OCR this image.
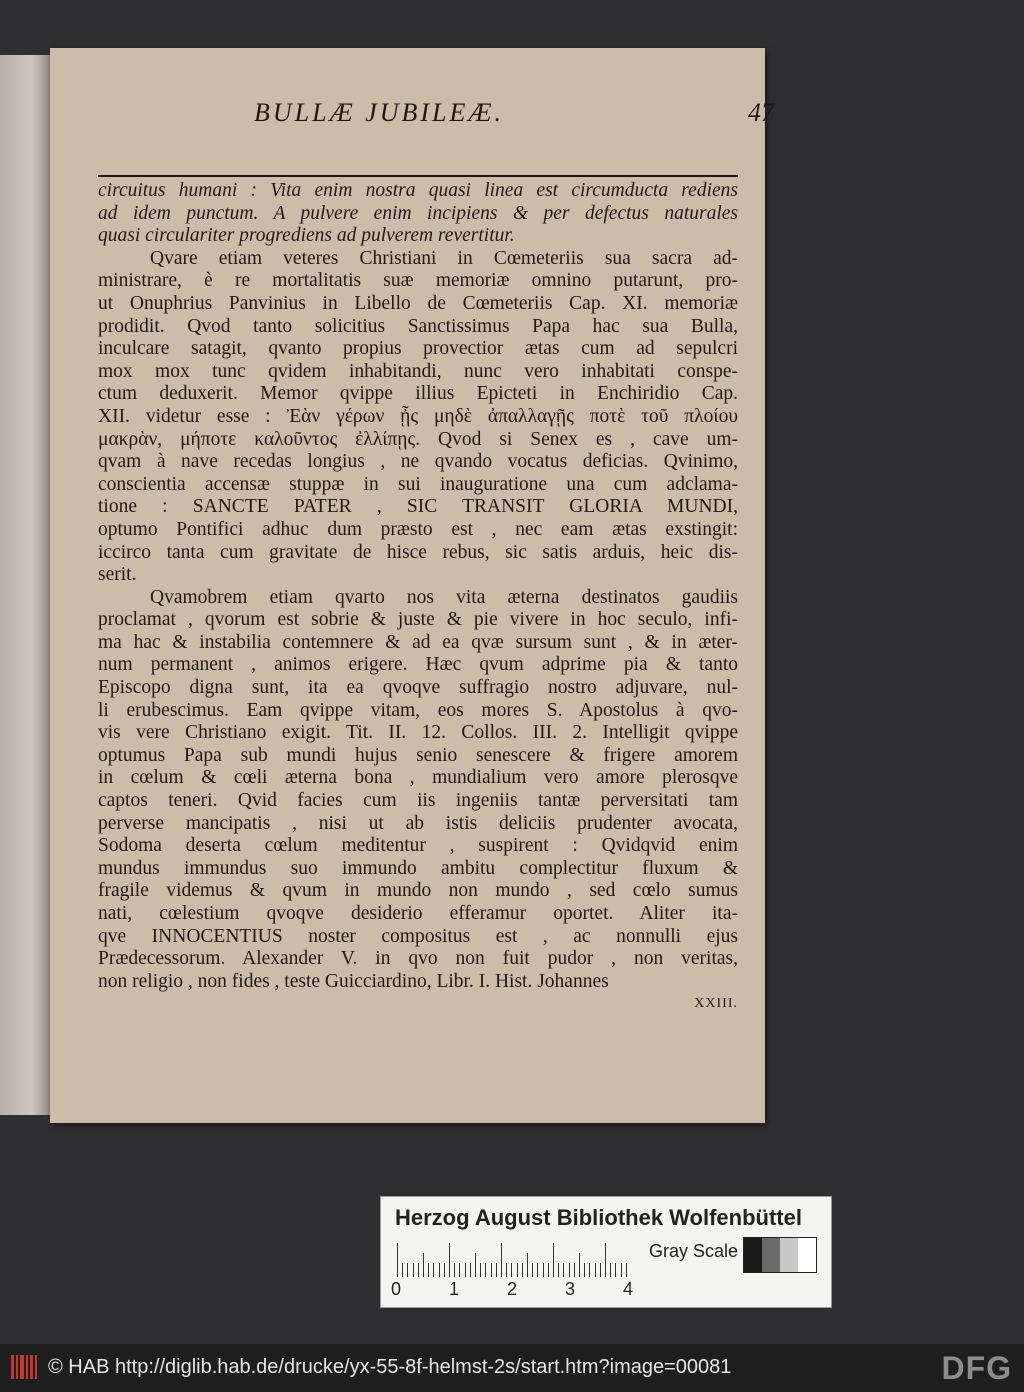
BULLÆ JUBILEÆ.	47
circuitus humani : Vita enim nostra quasi linea est circumducta rediens
ad idem punctum. A pulvere enim incipiens & per defectus naturales
quasi circulariter progrediens ad pulverem revertitur.
Qvare etiam veteres Christiani in Cœmeteriis sua sacra ad-
ministrare, è re mortalitatis suæ memoriæ omnino putarunt, pro-
ut Onuphrius Panvinius in Libello de Cœmeteriis Cap. XI. memoriæ
prodidit. Qvod tanto solicitius Sanctissimus Papa hac sua Bulla,
inculcare satagit, qvanto propius provectior ætas cum ad sepulcri
mox mox tunc qvidem inhabitandi, nunc vero inhabitati conspe-
ctum deduxerit. Memor qvippe illius Epicteti in Enchiridio Cap.
XII. videtur esse : Ἐὰν γέρων ᾖς μηδὲ ἀπαλλαγῇς ποτὲ τοῦ πλοίου
μακρὰν, μήποτε καλοῦντος ἐλλίπῃς. Qvod si Senex es , cave um-
qvam à nave recedas longius , ne qvando vocatus deficias. Qvinimo,
conscientia accensæ stuppæ in sui inauguratione una cum adclama-
tione : SANCTE PATER , SIC TRANSIT GLORIA MUNDI,
optumo Pontifici adhuc dum præsto est , nec eam ætas exstingit:
iccirco tanta cum gravitate de hisce rebus, sic satis arduis, heic dis-
serit.
Qvamobrem etiam qvarto nos vita æterna destinatos gaudiis
proclamat , qvorum est sobrie & juste & pie vivere in hoc seculo, infi-
ma hac & instabilia contemnere & ad ea qvæ sursum sunt , & in æter-
num permanent , animos erigere. Hæc qvum adprime pia & tanto
Episcopo digna sunt, ita ea qvoqve suffragio nostro adjuvare, nul-
li erubescimus. Eam qvippe vitam, eos mores S. Apostolus à qvo-
vis vere Christiano exigit. Tit. II. 12. Collos. III. 2. Intelligit qvippe
optumus Papa sub mundi hujus senio senescere & frigere amorem
in cœlum & cœli æterna bona , mundialium vero amore plerosqve
captos teneri. Qvid facies cum iis ingeniis tantæ perversitati tam
perverse mancipatis , nisi ut ab istis deliciis prudenter avocata,
Sodoma deserta cœlum meditentur , suspirent : Qvidqvid enim
mundus immundus suo immundo ambitu complectitur fluxum &
fragile videmus & qvum in mundo non mundo , sed cœlo sumus
nati, cœlestium qvoqve desiderio efferamur oportet. Aliter ita-
qve INNOCENTIUS noster compositus est , ac nonnulli ejus
Prædecessorum. Alexander V. in qvo non fuit pudor , non veritas,
non religio , non fides , teste Guicciardino, Libr. I. Hist. Johannes
XXIII.
Herzog August Bibliothek Wolfenbüttel
0	1	2	3	4
Gray Scale
© HAB http://diglib.hab.de/drucke/yx-55-8f-helmst-2s/start.htm?image=00081	DFG
